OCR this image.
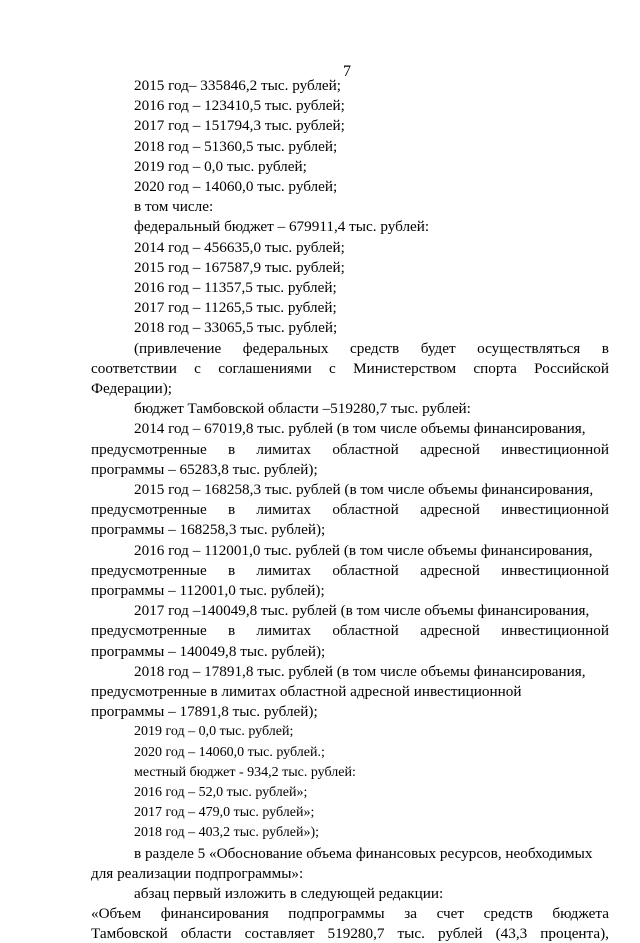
7
2015 год– 335846,2 тыс. рублей;
2016 год – 123410,5 тыс. рублей;
2017 год – 151794,3 тыс. рублей;
2018 год – 51360,5 тыс. рублей;
2019 год – 0,0 тыс. рублей;
2020 год – 14060,0 тыс. рублей;
в том числе:
федеральный бюджет – 679911,4 тыс. рублей:
2014 год – 456635,0 тыс. рублей;
2015 год – 167587,9 тыс. рублей;
2016 год – 11357,5 тыс. рублей;
2017 год – 11265,5 тыс. рублей;
2018 год – 33065,5 тыс. рублей;
(привлечение федеральных средств будет осуществляться в
соответствии с соглашениями с Министерством спорта Российской
Федерации);
бюджет Тамбовской области –519280,7 тыс. рублей:
2014 год – 67019,8 тыс. рублей (в том числе объемы финансирования,
предусмотренные в лимитах областной адресной инвестиционной
программы – 65283,8 тыс. рублей);
2015 год – 168258,3 тыс. рублей (в том числе объемы финансирования,
предусмотренные в лимитах областной адресной инвестиционной
программы – 168258,3 тыс. рублей);
2016 год – 112001,0 тыс. рублей (в том числе объемы финансирования,
предусмотренные в лимитах областной адресной инвестиционной
программы – 112001,0 тыс. рублей);
2017 год –140049,8 тыс. рублей (в том числе объемы финансирования,
предусмотренные в лимитах областной адресной инвестиционной
программы – 140049,8 тыс. рублей);
2018 год – 17891,8 тыс. рублей (в том числе объемы финансирования,
предусмотренные в лимитах областной адресной инвестиционной
программы – 17891,8 тыс. рублей);
2019 год – 0,0 тыс. рублей;
2020 год – 14060,0 тыс. рублей.;
местный бюджет - 934,2 тыс. рублей:
2016 год – 52,0 тыс. рублей»;
2017 год – 479,0 тыс. рублей»;
2018 год – 403,2 тыс. рублей»);
в разделе 5 «Обоснование объема финансовых ресурсов, необходимых
для реализации подпрограммы»:
абзац первый изложить в следующей редакции:
«Объем финансирования подпрограммы за счет средств бюджета
Тамбовской области составляет 519280,7 тыс. рублей (43,3 процента),
